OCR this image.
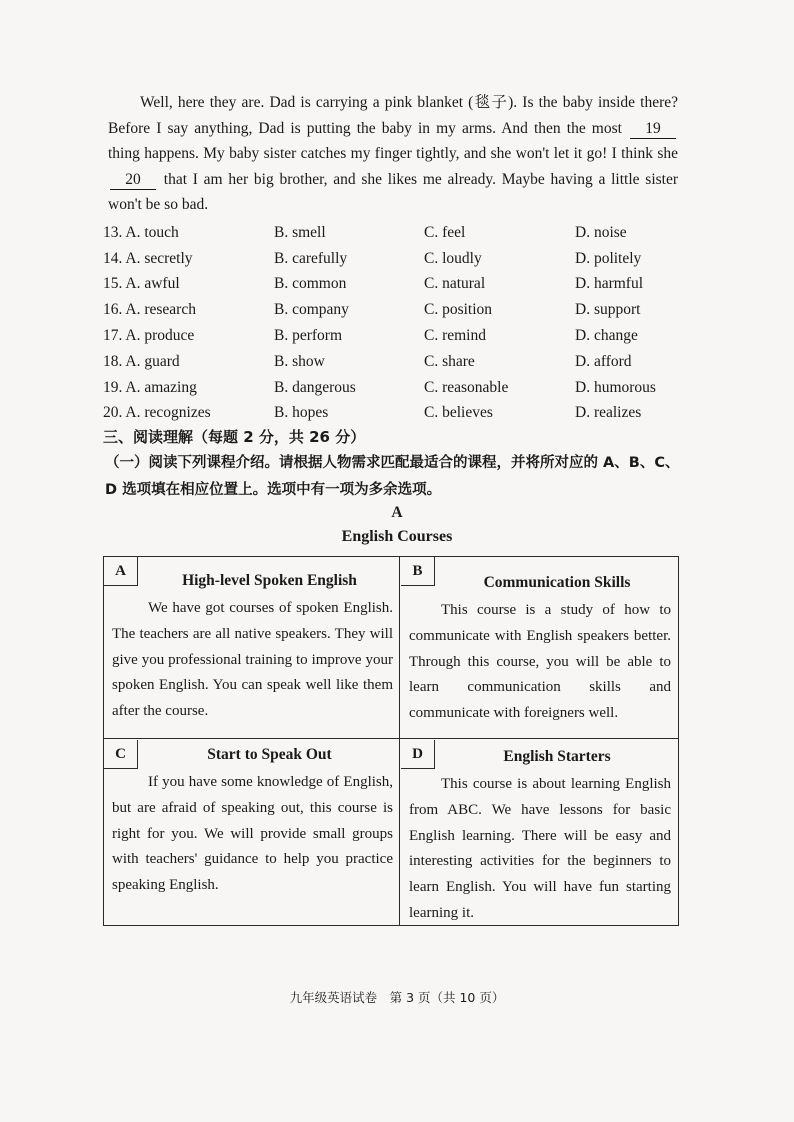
Well, here they are. Dad is carrying a pink blanket (毯子). Is the baby inside there? Before I say anything, Dad is putting the baby in my arms. And then the most 19 thing happens. My baby sister catches my finger tightly, and she won't let it go! I think she 20 that I am her big brother, and she likes me already. Maybe having a little sister won't be so bad.
13. A. touch	B. smell	C. feel	D. noise
14. A. secretly	B. carefully	C. loudly	D. politely
15. A. awful	B. common	C. natural	D. harmful
16. A. research	B. company	C. position	D. support
17. A. produce	B. perform	C. remind	D. change
18. A. guard	B. show	C. share	D. afford
19. A. amazing	B. dangerous	C. reasonable	D. humorous
20. A. recognizes	B. hopes	C. believes	D. realizes
三、阅读理解（每题 2 分，共 26 分）
（一）阅读下列课程介绍。请根据人物需求匹配最适合的课程，并将所对应的 A、B、C、D 选项填在相应位置上。选项中有一项为多余选项。
A
English Courses
A
High-level Spoken English
We have got courses of spoken English. The teachers are all native speakers. They will give you professional training to improve your spoken English. You can speak well like them after the course.
B
Communication Skills
This course is a study of how to communicate with English speakers better. Through this course, you will be able to learn communication skills and communicate with foreigners well.
C	Start to Speak Out
If you have some knowledge of English, but are afraid of speaking out, this course is right for you. We will provide small groups with teachers' guidance to help you practice speaking English.
D	English Starters
This course is about learning English from ABC. We have lessons for basic English learning. There will be easy and interesting activities for the beginners to learn English. You will have fun starting learning it.
九年级英语试卷　第 3 页（共 10 页）
